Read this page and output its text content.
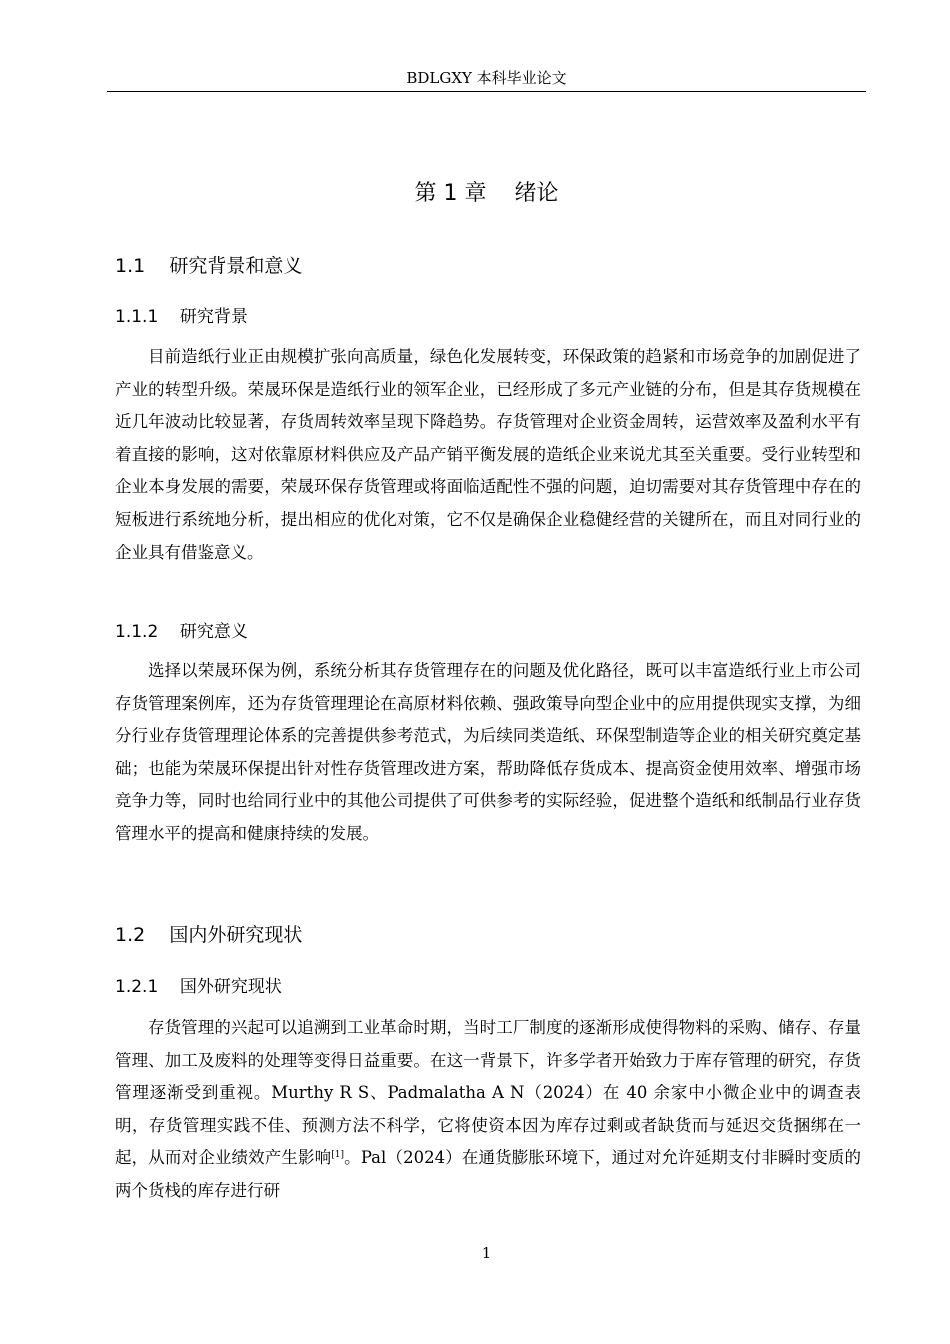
BDLGXY 本科毕业论文
第 1 章    绪论
1.1    研究背景和意义
1.1.1    研究背景

目前造纸行业正由规模扩张向高质量，绿色化发展转变，环保政策的趋紧和市场竞争的加剧促进了产业的转型升级。荣晟环保是造纸行业的领军企业，已经形成了多元产业链的分布，但是其存货规模在近几年波动比较显著，存货周转效率呈现下降趋势。存货管理对企业资金周转，运营效率及盈利水平有着直接的影响，这对依靠原材料供应及产品产销平衡发展的造纸企业来说尤其至关重要。受行业转型和企业本身发展的需要，荣晟环保存货管理或将面临适配性不强的问题，迫切需要对其存货管理中存在的短板进行系统地分析，提出相应的优化对策，它不仅是确保企业稳健经营的关键所在，而且对同行业的企业具有借鉴意义。

1.1.2    研究意义

选择以荣晟环保为例，系统分析其存货管理存在的问题及优化路径，既可以丰富造纸行业上市公司存货管理案例库，还为存货管理理论在高原材料依赖、强政策导向型企业中的应用提供现实支撑，为细分行业存货管理理论体系的完善提供参考范式，为后续同类造纸、环保型制造等企业的相关研究奠定基础；也能为荣晟环保提出针对性存货管理改进方案，帮助降低存货成本、提高资金使用效率、增强市场竞争力等，同时也给同行业中的其他公司提供了可供参考的实际经验，促进整个造纸和纸制品行业存货管理水平的提高和健康持续的发展。

1.2    国内外研究现状
1.2.1    国外研究现状

存货管理的兴起可以追溯到工业革命时期，当时工厂制度的逐渐形成使得物料的采购、储存、存量管理、加工及废料的处理等变得日益重要。在这一背景下，许多学者开始致力于库存管理的研究，存货管理逐渐受到重视。Murthy R S、Padmalatha A N（2024）在 40 余家中小微企业中的调查表明，存货管理实践不佳、预测方法不科学，它将使资本因为库存过剩或者缺货而与延迟交货捆绑在一起，从而对企业绩效产生影响[1]。Pal（2024）在通货膨胀环境下，通过对允许延期支付非瞬时变质的两个货栈的库存进行研

1
